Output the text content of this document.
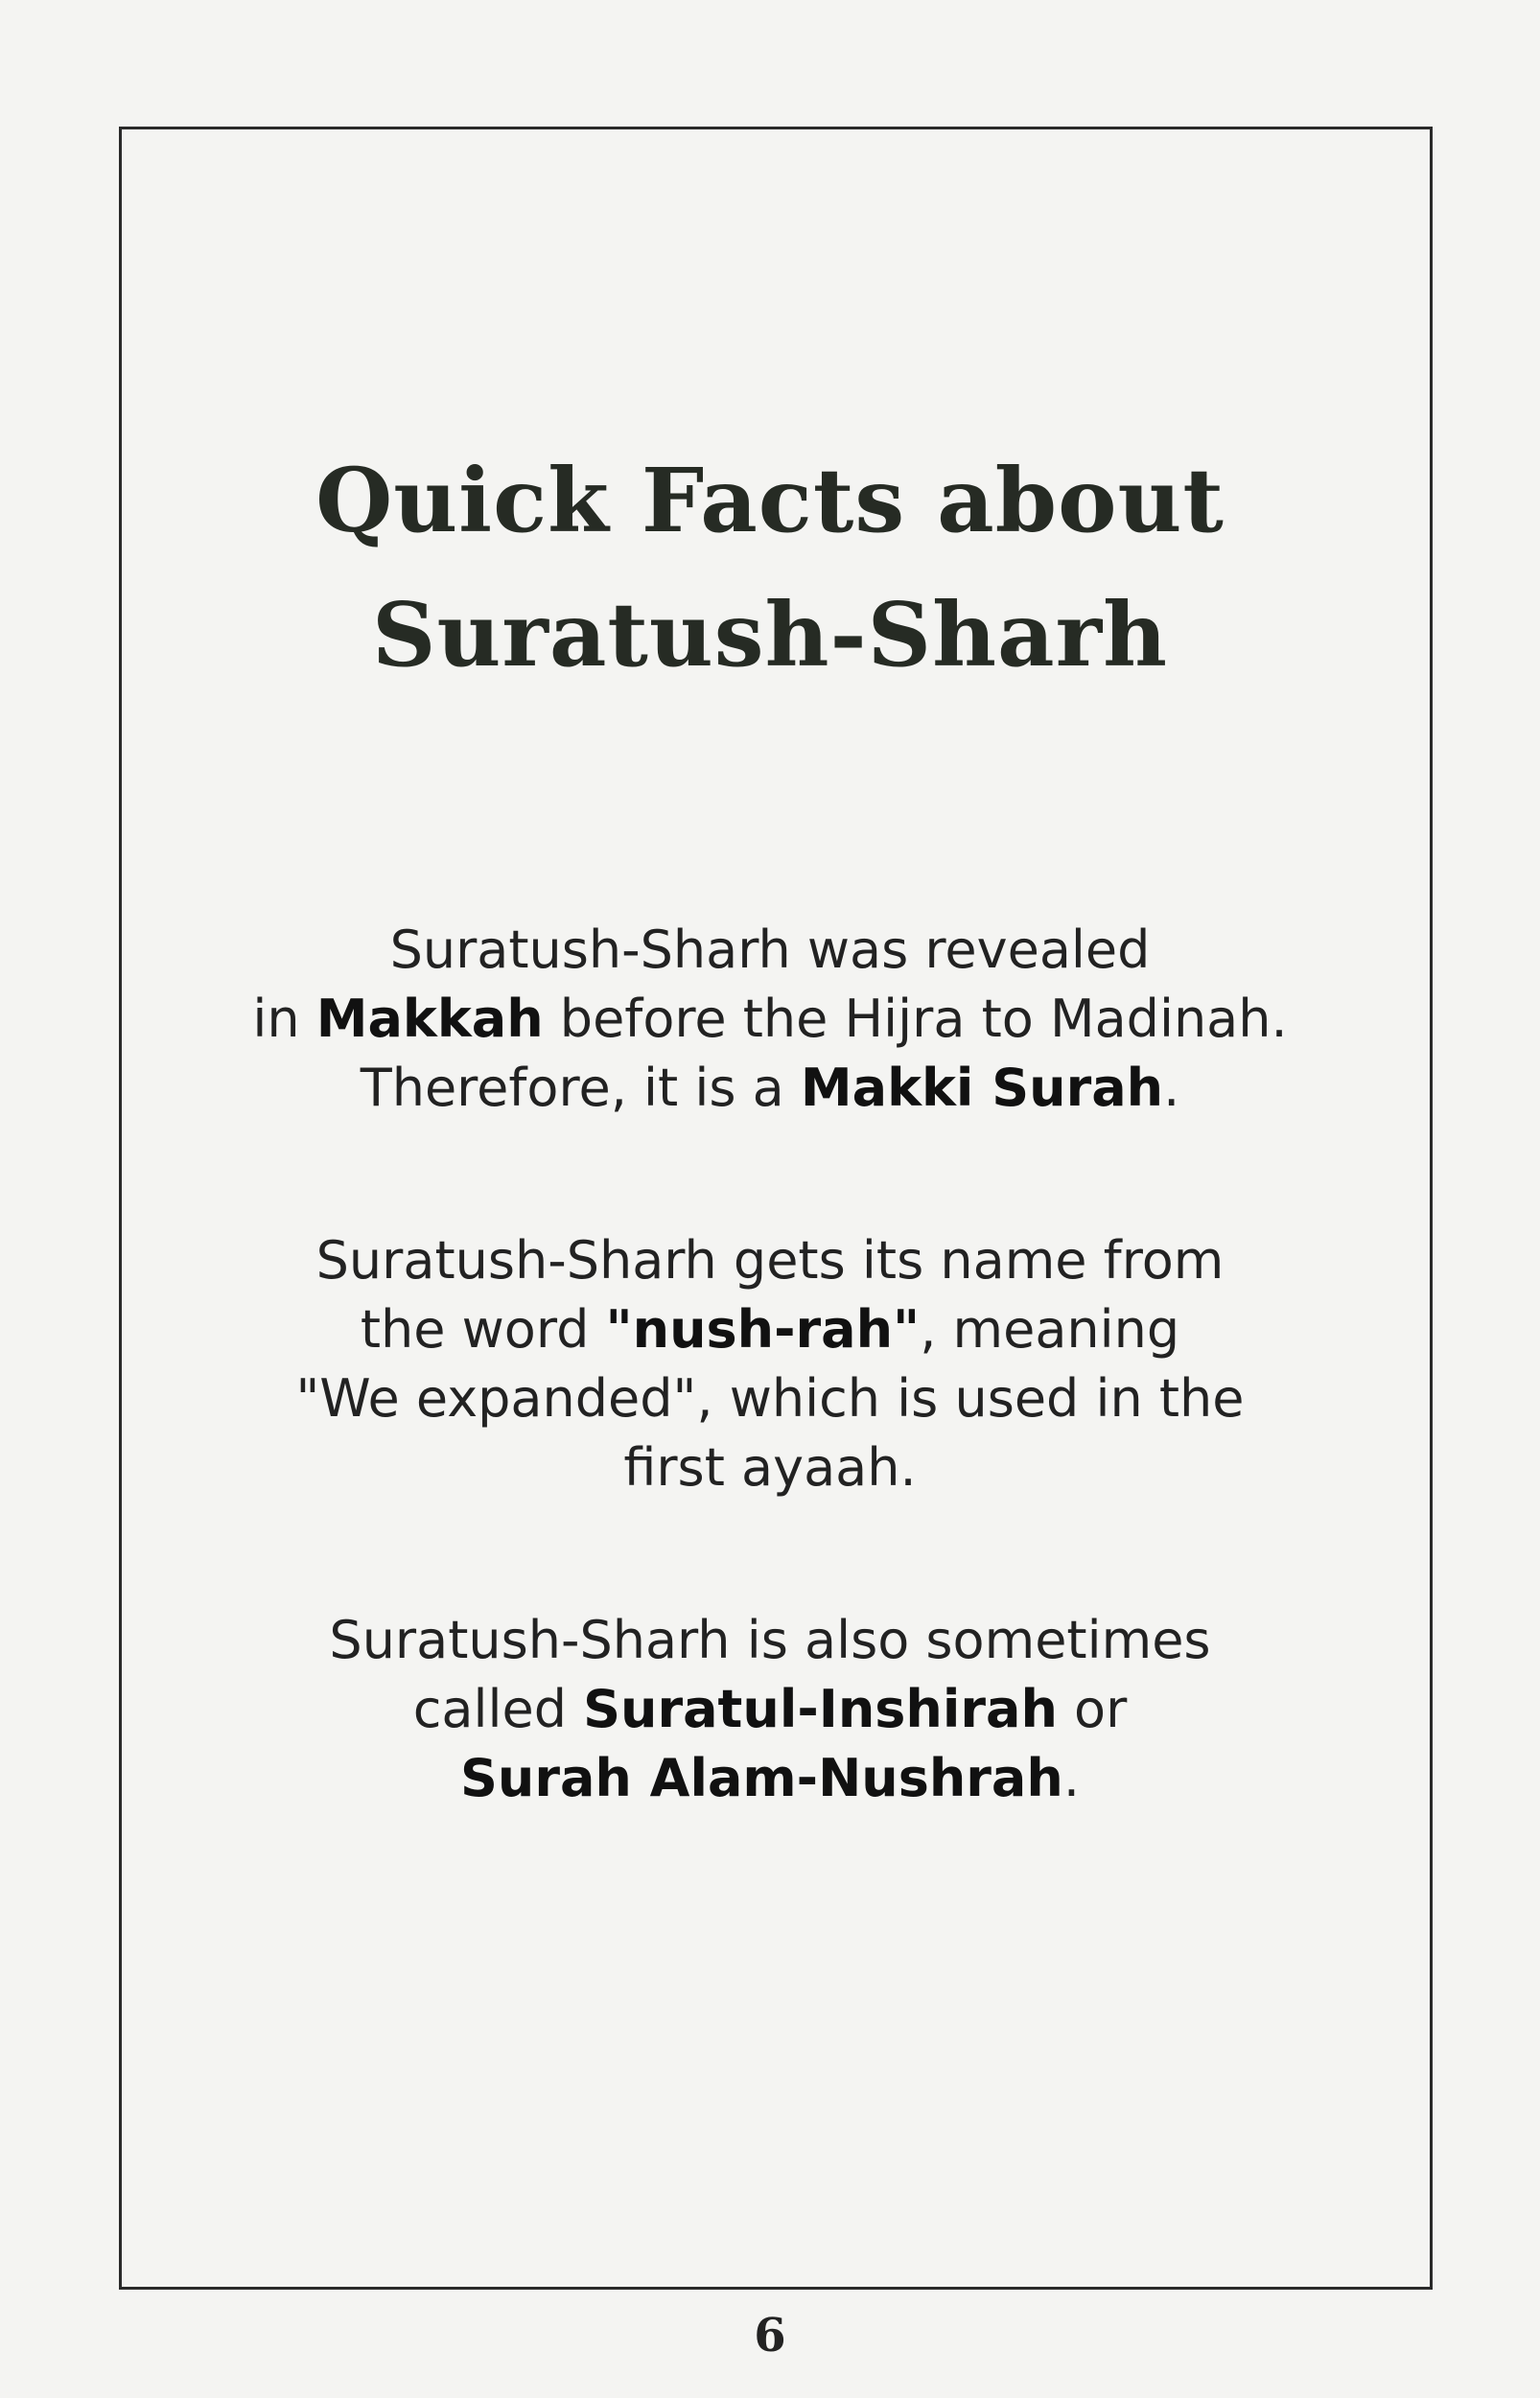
Quick Facts about
Suratush-Sharh

Suratush-Sharh was revealed
in Makkah before the Hijra to Madinah.
Therefore, it is a Makki Surah.

Suratush-Sharh gets its name from
the word "nush-rah", meaning
"We expanded", which is used in the
first ayaah.

Suratush-Sharh is also sometimes
called Suratul-Inshirah or
Surah Alam-Nushrah.

6
